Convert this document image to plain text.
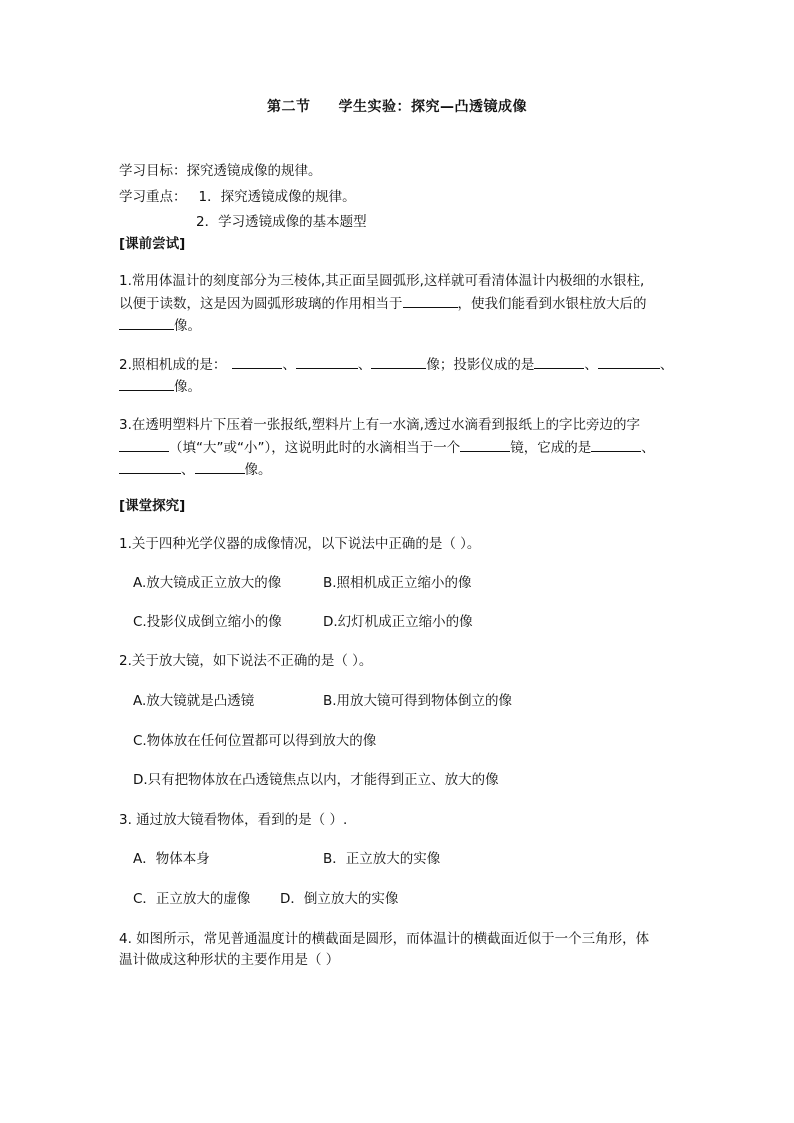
第二节 学生实验：探究—凸透镜成像
学习目标：探究透镜成像的规律。
学习重点： 1．探究透镜成像的规律。
2．学习透镜成像的基本题型
[课前尝试]
1.常用体温计的刻度部分为三棱体,其正面呈圆弧形,这样就可看清体温计内极细的水银柱,
以便于读数，这是因为圆弧形玻璃的作用相当于	，使我们能看到水银柱放大后的
像。
2.照相机成的是：	、	、	像；投影仪成的是	、	、
像。
3.在透明塑料片下压着一张报纸,塑料片上有一水滴,透过水滴看到报纸上的字比旁边的字
（填“大”或“小”），这说明此时的水滴相当于一个	镜，它成的是	、
、	像。
[课堂探究]
1.关于四种光学仪器的成像情况，以下说法中正确的是（ ）。
A.放大镜成正立放大的像	B.照相机成正立缩小的像
C.投影仪成倒立缩小的像	D.幻灯机成正立缩小的像
2.关于放大镜，如下说法不正确的是（ ）。
A.放大镜就是凸透镜	B.用放大镜可得到物体倒立的像
C.物体放在任何位置都可以得到放大的像
D.只有把物体放在凸透镜焦点以内，才能得到正立、放大的像
3. 通过放大镜看物体，看到的是（ ）.
A．物体本身	B．正立放大的实像
C．正立放大的虚像 D．倒立放大的实像
4. 如图所示，常见普通温度计的横截面是圆形，而体温计的横截面近似于一个三角形，体
温计做成这种形状的主要作用是（ ）
